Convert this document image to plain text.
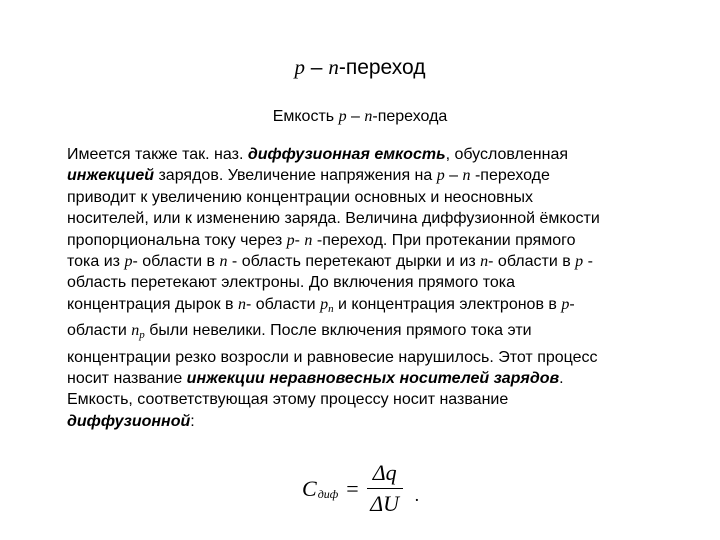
p – n-переход
Емкость p – n-перехода
Имеется также так. наз. диффузионная емкость, обусловленная
инжекцией зарядов. Увеличение напряжения на p – n -переходе
приводит к увеличению концентрации основных и неосновных
носителей, или к изменению заряда. Величина диффузионной ёмкости
пропорциональна току через p- n -переход. При протекании прямого
тока из p- области в n - область перетекают дырки и из n- области в p -
область перетекают электроны. До включения прямого тока
концентрация дырок в n- области pn и концентрация электронов в p-
области np были невелики. После включения прямого тока эти
концентрации резко возросли и равновесие нарушилось. Этот процесс
носит название инжекции неравновесных носителей зарядов.
Емкость, соответствующая этому процессу носит название
диффузионной:
C диф = $\frac{\Delta q}{\Delta U}$ .
